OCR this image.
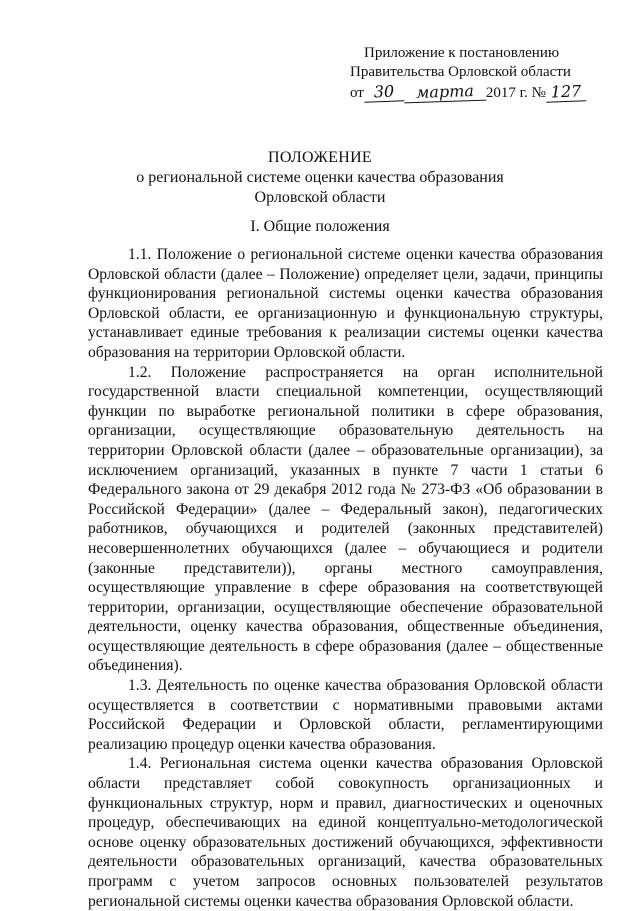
Приложение к постановлению
Правительства Орловской области
от 30 марта 2017 г. № 127
ПОЛОЖЕНИЕ
о региональной системе оценки качества образования
Орловской области
I. Общие положения

1.1. Положение о региональной системе оценки качества образования Орловской области (далее – Положение) определяет цели, задачи, принципы функционирования региональной системы оценки качества образования Орловской области, ее организационную и функциональную структуры, устанавливает единые требования к реализации системы оценки качества образования на территории Орловской области.

1.2. Положение распространяется на орган исполнительной государственной власти специальной компетенции, осуществляющий функции по выработке региональной политики в сфере образования, организации, осуществляющие образовательную деятельность на территории Орловской области (далее – образовательные организации), за исключением организаций, указанных в пункте 7 части 1 статьи 6 Федерального закона от 29 декабря 2012 года № 273-ФЗ «Об образовании в Российской Федерации» (далее – Федеральный закон), педагогических работников, обучающихся и родителей (законных представителей) несовершеннолетних обучающихся (далее – обучающиеся и родители (законные представители)), органы местного самоуправления, осуществляющие управление в сфере образования на соответствующей территории, организации, осуществляющие обеспечение образовательной деятельности, оценку качества образования, общественные объединения, осуществляющие деятельность в сфере образования (далее – общественные объединения).

1.3. Деятельность по оценке качества образования Орловской области осуществляется в соответствии с нормативными правовыми актами Российской Федерации и Орловской области, регламентирующими реализацию процедур оценки качества образования.

1.4. Региональная система оценки качества образования Орловской области представляет собой совокупность организационных и функциональных структур, норм и правил, диагностических и оценочных процедур, обеспечивающих на единой концептуально-методологической основе оценку образовательных достижений обучающихся, эффективности деятельности образовательных организаций, качества образовательных программ с учетом запросов основных пользователей результатов региональной системы оценки качества образования Орловской области.
